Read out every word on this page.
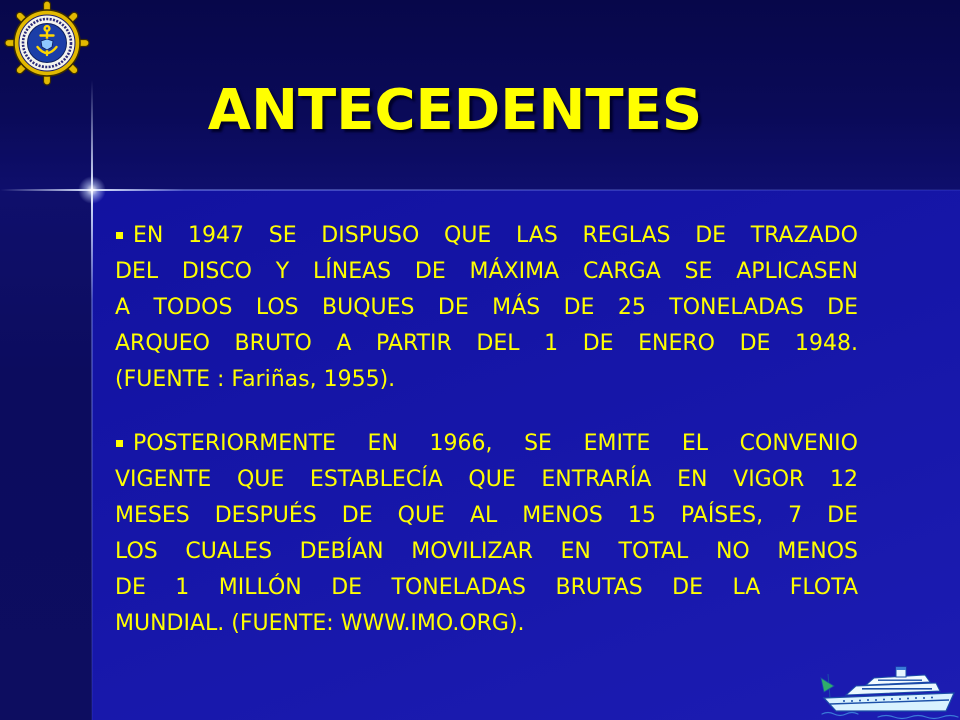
ANTECEDENTES
EN 1947 SE DISPUSO QUE LAS REGLAS DE TRAZADO
DEL DISCO Y LÍNEAS DE MÁXIMA CARGA SE APLICASEN
A TODOS LOS BUQUES DE MÁS DE 25 TONELADAS DE
ARQUEO BRUTO A PARTIR DEL 1 DE ENERO DE 1948.
(FUENTE : Fariñas, 1955).
POSTERIORMENTE EN 1966, SE EMITE EL CONVENIO
VIGENTE QUE ESTABLECÍA QUE ENTRARÍA EN VIGOR 12
MESES DESPUÉS DE QUE AL MENOS 15 PAÍSES, 7 DE
LOS CUALES DEBÍAN MOVILIZAR EN TOTAL NO MENOS
DE 1 MILLÓN DE TONELADAS BRUTAS DE LA FLOTA
MUNDIAL. (FUENTE: WWW.IMO.ORG).
